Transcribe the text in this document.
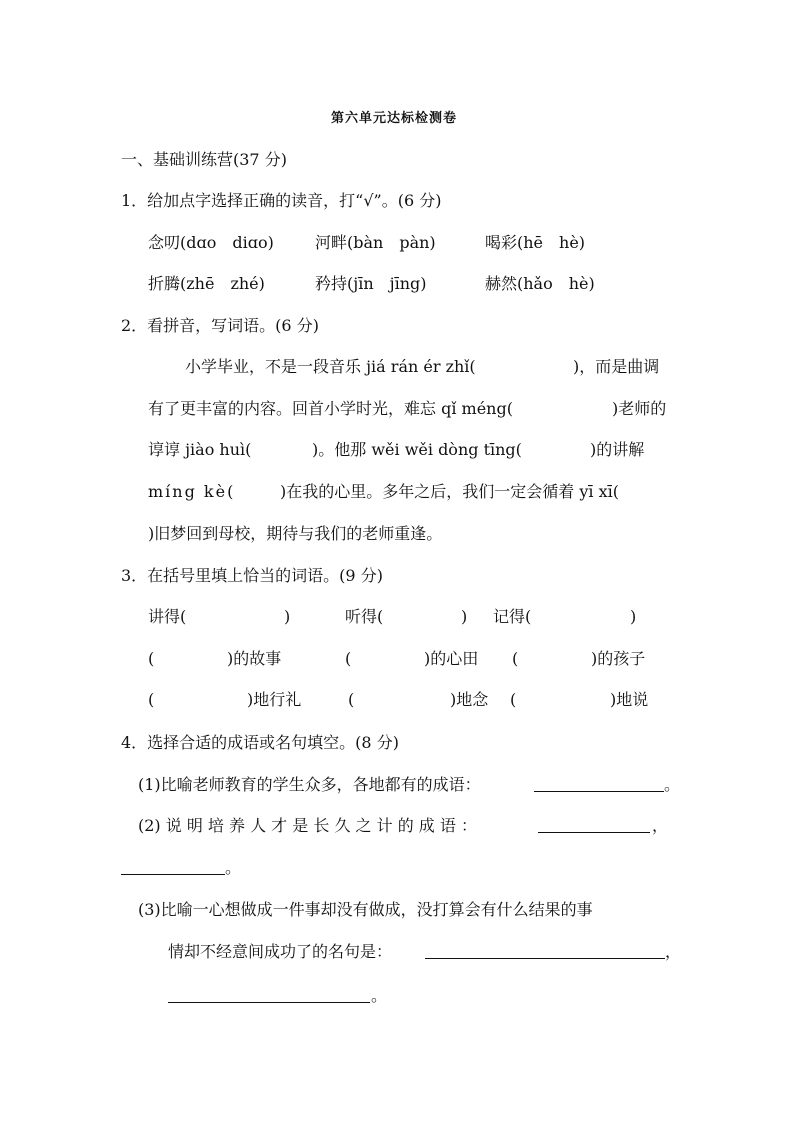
第六单元达标检测卷
一、基础训练营(37 分)
1．给加点字选择正确的读音，打“√”。(6 分)
念叨(dɑo　diɑo)	河畔(bàn　pàn)	喝彩(hē　hè)
折腾(zhē　zhé)	矜持(jīn　jīng)	赫然(hǎo　hè)
2．看拼音，写词语。(6 分)
小学毕业，不是一段音乐 jiá rán ér zhǐ(	)，而是曲调
有了更丰富的内容。回首小学时光，难忘 qǐ méng(	)老师的
谆谆 jiào huì(	)。他那 wěi wěi dòng tīng(	)的讲解
míng kè(	)在我的心里。多年之后，我们一定会循着 yī xī(
)旧梦回到母校，期待与我们的老师重逢。
3．在括号里填上恰当的词语。(9 分)
讲得(	)	听得(	) 记得(	)
(	)的故事	(	)的心田 (	)的孩子
(	)地行礼	(	)地念 (	)地说
4．选择合适的成语或名句填空。(8 分)
(1)比喻老师教育的学生众多，各地都有的成语：	。
(2) 说 明 培 养 人 才 是 长 久 之 计 的 成 语 ：	，
。
(3)比喻一心想做成一件事却没有做成，没打算会有什么结果的事
情却不经意间成功了的名句是：	，
。
